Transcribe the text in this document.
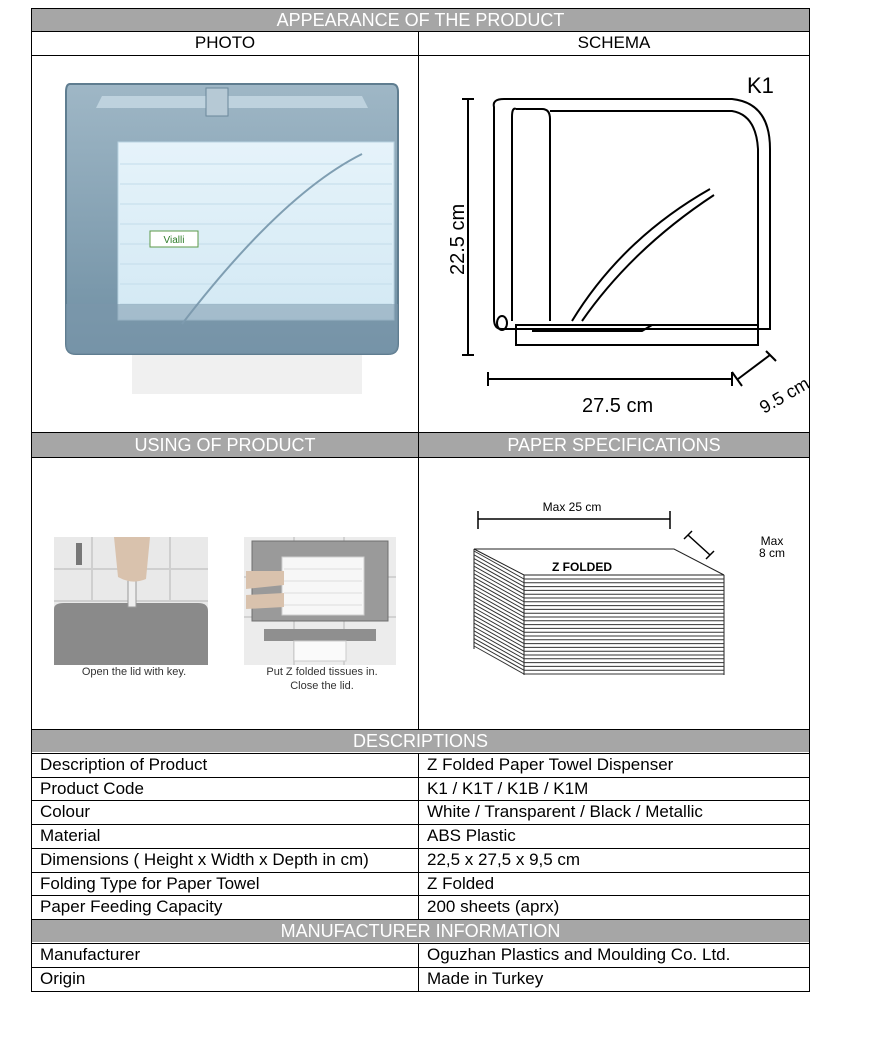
APPEARANCE OF THE PRODUCT
PHOTO	SCHEMA
Vialli
K1
27.5 cm	9.5 cm
22.5 cm
USING OF PRODUCT	PAPER SPECIFICATIONS
Open the lid with key.	Put Z folded tissues in.
Close the lid.
Z FOLDED
Max 25 cm
Max
8 cm
DESCRIPTIONS
Description of Product	Z Folded Paper Towel Dispenser
Product Code	K1 / K1T / K1B / K1M
Colour	White / Transparent / Black / Metallic
Material	ABS Plastic
Dimensions ( Height x Width x Depth in cm)	22,5 x 27,5 x 9,5 cm
Folding Type for Paper Towel	Z Folded
Paper Feeding Capacity	200 sheets (aprx)
MANUFACTURER INFORMATION
Manufacturer	Oguzhan Plastics and Moulding Co. Ltd.
Origin	Made in Turkey
